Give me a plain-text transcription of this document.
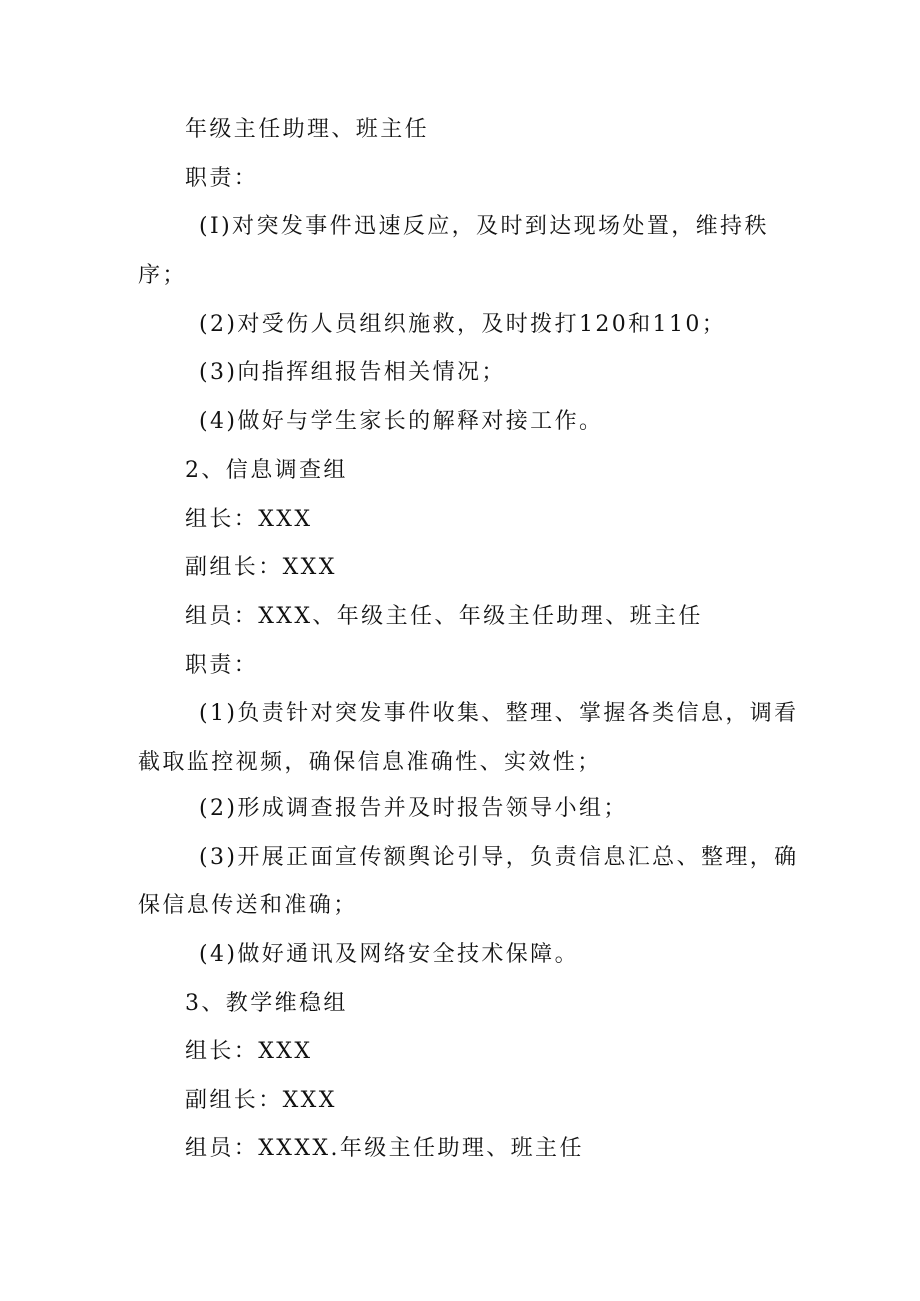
年级主任助理、班主任

职责：

(I)对突发事件迅速反应，及时到达现场处置，维持秩

序；

(2)对受伤人员组织施救，及时拨打120和110；

(3)向指挥组报告相关情况；

(4)做好与学生家长的解释对接工作。

2、信息调查组

组长：XXX

副组长：XXX

组员：XXX、年级主任、年级主任助理、班主任

职责：

(1)负责针对突发事件收集、整理、掌握各类信息，调看

截取监控视频，确保信息准确性、实效性；

(2)形成调查报告并及时报告领导小组；

(3)开展正面宣传额舆论引导，负责信息汇总、整理，确

保信息传送和准确；

(4)做好通讯及网络安全技术保障。

3、教学维稳组

组长：XXX

副组长：XXX

组员：XXXX.年级主任助理、班主任
